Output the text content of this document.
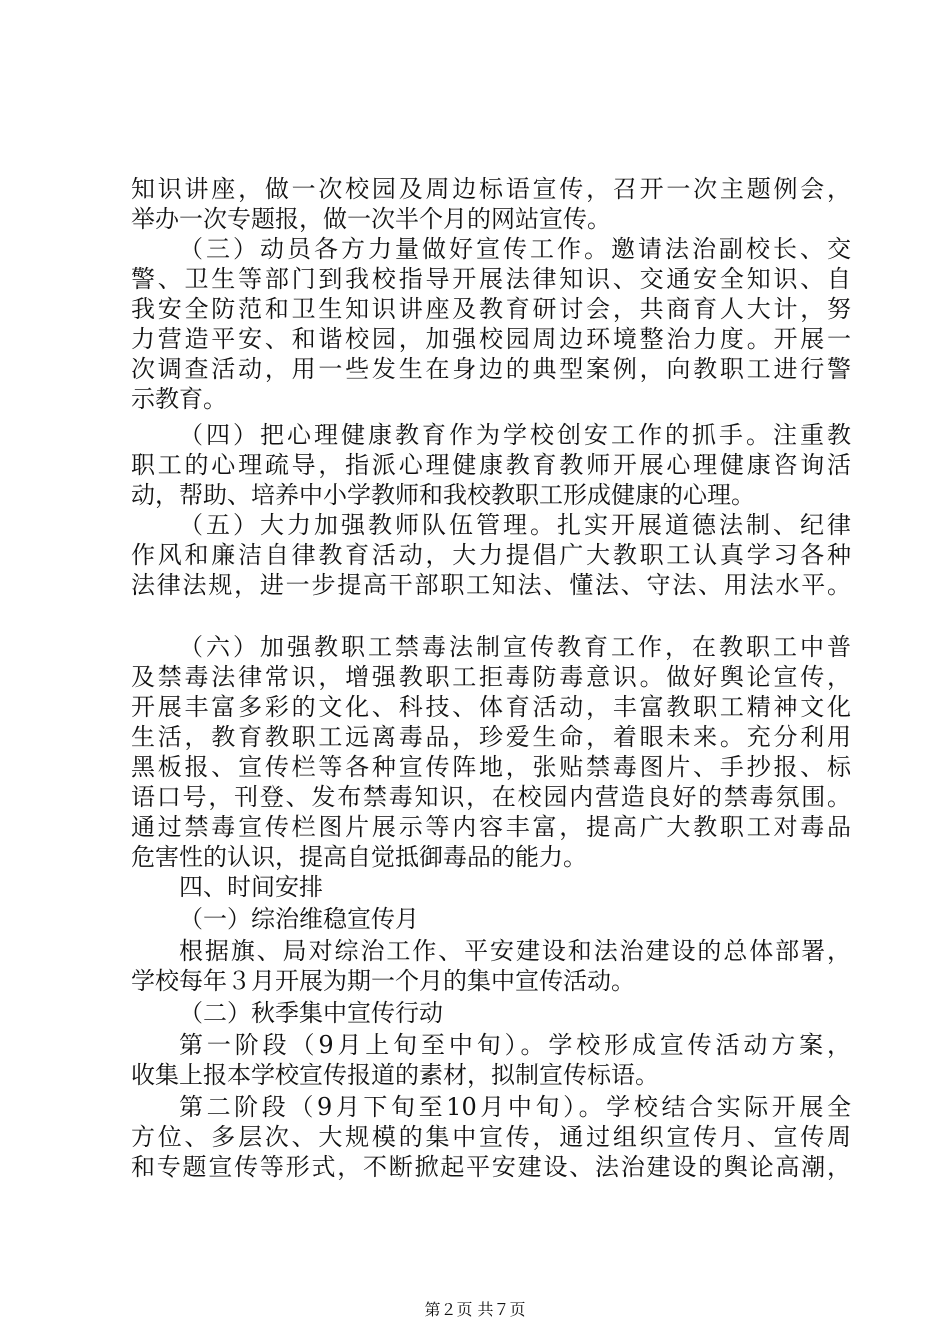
知识讲座，做一次校园及周边标语宣传，召开一次主题例会，
举办一次专题报，做一次半个月的网站宣传。
（三）动员各方力量做好宣传工作。邀请法治副校长、交
警、卫生等部门到我校指导开展法律知识、交通安全知识、自
我安全防范和卫生知识讲座及教育研讨会，共商育人大计，努
力营造平安、和谐校园，加强校园周边环境整治力度。开展一
次调查活动，用一些发生在身边的典型案例，向教职工进行警
示教育。
（四）把心理健康教育作为学校创安工作的抓手。注重教
职工的心理疏导，指派心理健康教育教师开展心理健康咨询活
动，帮助、培养中小学教师和我校教职工形成健康的心理。
（五）大力加强教师队伍管理。扎实开展道德法制、纪律
作风和廉洁自律教育活动，大力提倡广大教职工认真学习各种
法律法规，进一步提高干部职工知法、懂法、守法、用法水平。
（六）加强教职工禁毒法制宣传教育工作，在教职工中普
及禁毒法律常识，增强教职工拒毒防毒意识。做好舆论宣传，
开展丰富多彩的文化、科技、体育活动，丰富教职工精神文化
生活，教育教职工远离毒品，珍爱生命，着眼未来。充分利用
黑板报、宣传栏等各种宣传阵地，张贴禁毒图片、手抄报、标
语口号，刊登、发布禁毒知识，在校园内营造良好的禁毒氛围。
通过禁毒宣传栏图片展示等内容丰富，提高广大教职工对毒品
危害性的认识，提高自觉抵御毒品的能力。
四、时间安排
（一）综治维稳宣传月
根据旗、局对综治工作、平安建设和法治建设的总体部署，
学校每年３月开展为期一个月的集中宣传活动。
（二）秋季集中宣传行动
第一阶段（9月上旬至中旬）。学校形成宣传活动方案，
收集上报本学校宣传报道的素材，拟制宣传标语。
第二阶段（9月下旬至10月中旬）。学校结合实际开展全
方位、多层次、大规模的集中宣传，通过组织宣传月、宣传周
和专题宣传等形式，不断掀起平安建设、法治建设的舆论高潮，
第２页 共７页
